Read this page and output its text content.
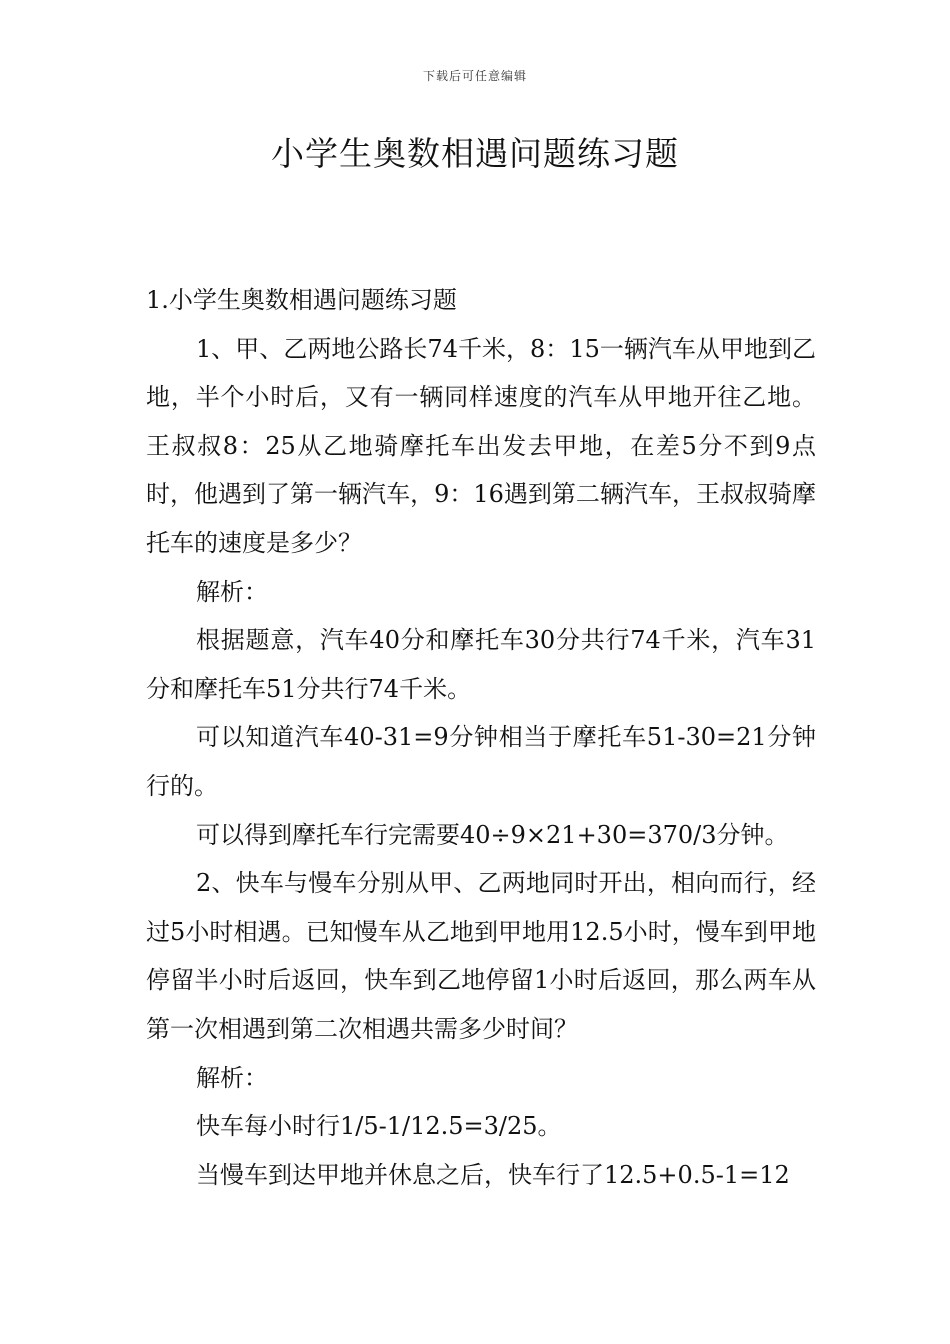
下载后可任意编辑
小学生奥数相遇问题练习题

1.小学生奥数相遇问题练习题

1、甲、乙两地公路长74千米，8：15一辆汽车从甲地到乙地，半个小时后，又有一辆同样速度的汽车从甲地开往乙地。王叔叔8：25从乙地骑摩托车出发去甲地，在差5分不到9点时，他遇到了第一辆汽车，9：16遇到第二辆汽车，王叔叔骑摩托车的速度是多少？

解析：

根据题意，汽车40分和摩托车30分共行74千米，汽车31分和摩托车51分共行74千米。

可以知道汽车40-31=9分钟相当于摩托车51-30=21分钟行的。

可以得到摩托车行完需要40÷9×21+30=370/3分钟。

2、快车与慢车分别从甲、乙两地同时开出，相向而行，经过5小时相遇。已知慢车从乙地到甲地用12.5小时，慢车到甲地停留半小时后返回，快车到乙地停留1小时后返回，那么两车从第一次相遇到第二次相遇共需多少时间？

解析：

快车每小时行1/5-1/12.5=3/25。

当慢车到达甲地并休息之后，快车行了12.5+0.5-1=12
